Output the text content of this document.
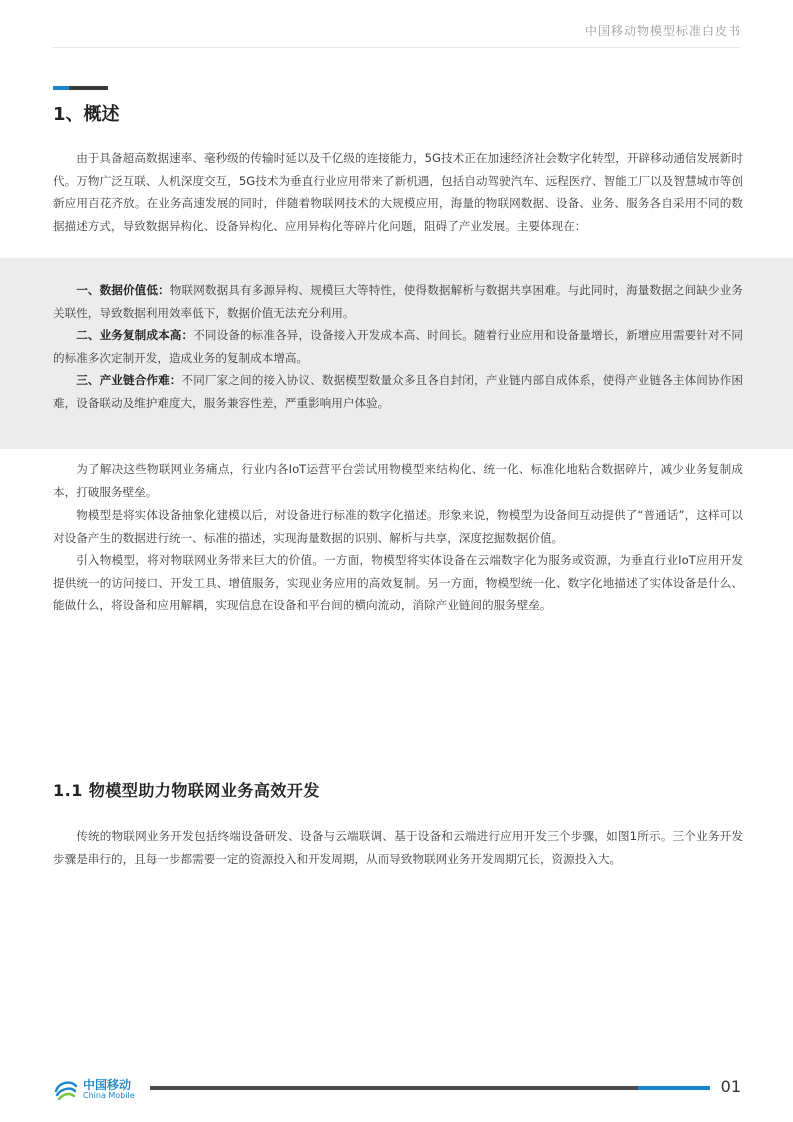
中国移动物模型标准白皮书
1、概述

由于具备超高数据速率、毫秒级的传输时延以及千亿级的连接能力，5G技术正在加速经济社会数字化转型，开辟移动通信发展新时代。万物广泛互联、人机深度交互，5G技术为垂直行业应用带来了新机遇，包括自动驾驶汽车、远程医疗、智能工厂以及智慧城市等创新应用百花齐放。在业务高速发展的同时，伴随着物联网技术的大规模应用，海量的物联网数据、设备、业务、服务各自采用不同的数据描述方式，导致数据异构化、设备异构化、应用异构化等碎片化问题，阻碍了产业发展。主要体现在：

一、数据价值低：物联网数据具有多源异构、规模巨大等特性，使得数据解析与数据共享困难。与此同时，海量数据之间缺少业务关联性，导致数据利用效率低下，数据价值无法充分利用。

二、业务复制成本高：不同设备的标准各异，设备接入开发成本高、时间长。随着行业应用和设备量增长，新增应用需要针对不同的标准多次定制开发，造成业务的复制成本增高。

三、产业链合作难：不同厂家之间的接入协议、数据模型数量众多且各自封闭，产业链内部自成体系，使得产业链各主体间协作困难，设备联动及维护难度大，服务兼容性差，严重影响用户体验。

为了解决这些物联网业务痛点，行业内各IoT运营平台尝试用物模型来结构化、统一化、标准化地粘合数据碎片，减少业务复制成本，打破服务壁垒。

物模型是将实体设备抽象化建模以后，对设备进行标准的数字化描述。形象来说，物模型为设备间互动提供了“普通话”，这样可以对设备产生的数据进行统一、标准的描述，实现海量数据的识别、解析与共享，深度挖掘数据价值。

引入物模型，将对物联网业务带来巨大的价值。一方面，物模型将实体设备在云端数字化为服务或资源，为垂直行业IoT应用开发提供统一的访问接口、开发工具、增值服务，实现业务应用的高效复制。另一方面，物模型统一化、数字化地描述了实体设备是什么、能做什么，将设备和应用解耦，实现信息在设备和平台间的横向流动，消除产业链间的服务壁垒。

1.1 物模型助力物联网业务高效开发

传统的物联网业务开发包括终端设备研发、设备与云端联调、基于设备和云端进行应用开发三个步骤，如图1所示。三个业务开发步骤是串行的，且每一步都需要一定的资源投入和开发周期，从而导致物联网业务开发周期冗长，资源投入大。

中国移动
China Mobile	01
